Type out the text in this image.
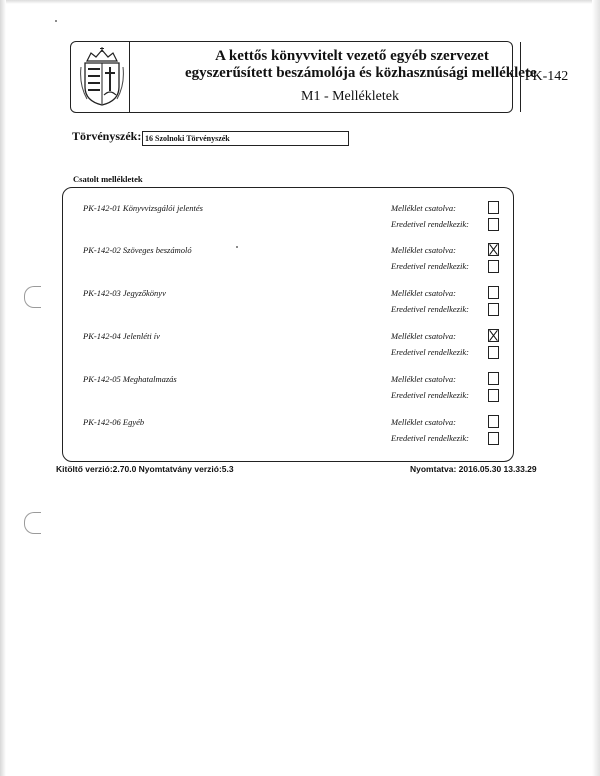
A kettős könyvvitelt vezető egyéb szervezet
egyszerűsített beszámolója és közhasznúsági melléklete
M1 - Mellékletek
PK-142
Törvényszék: 16 Szolnoki Törvényszék
Csatolt mellékletek
PK-142-01 Könyvvizsgálói jelentés	Melléklet csatolva:
Eredetivel rendelkezik:
PK-142-02 Szöveges beszámoló	Melléklet csatolva:
Eredetivel rendelkezik:
PK-142-03 Jegyzőkönyv	Melléklet csatolva:
Eredetivel rendelkezik:
PK-142-04 Jelenléti ív	Melléklet csatolva:
Eredetivel rendelkezik:
PK-142-05 Meghatalmazás	Melléklet csatolva:
Eredetivel rendelkezik:
PK-142-06 Egyéb	Melléklet csatolva:
Eredetivel rendelkezik:
Kitöltő verzió:2.70.0 Nyomtatvány verzió:5.3	Nyomtatva: 2016.05.30 13.33.29
